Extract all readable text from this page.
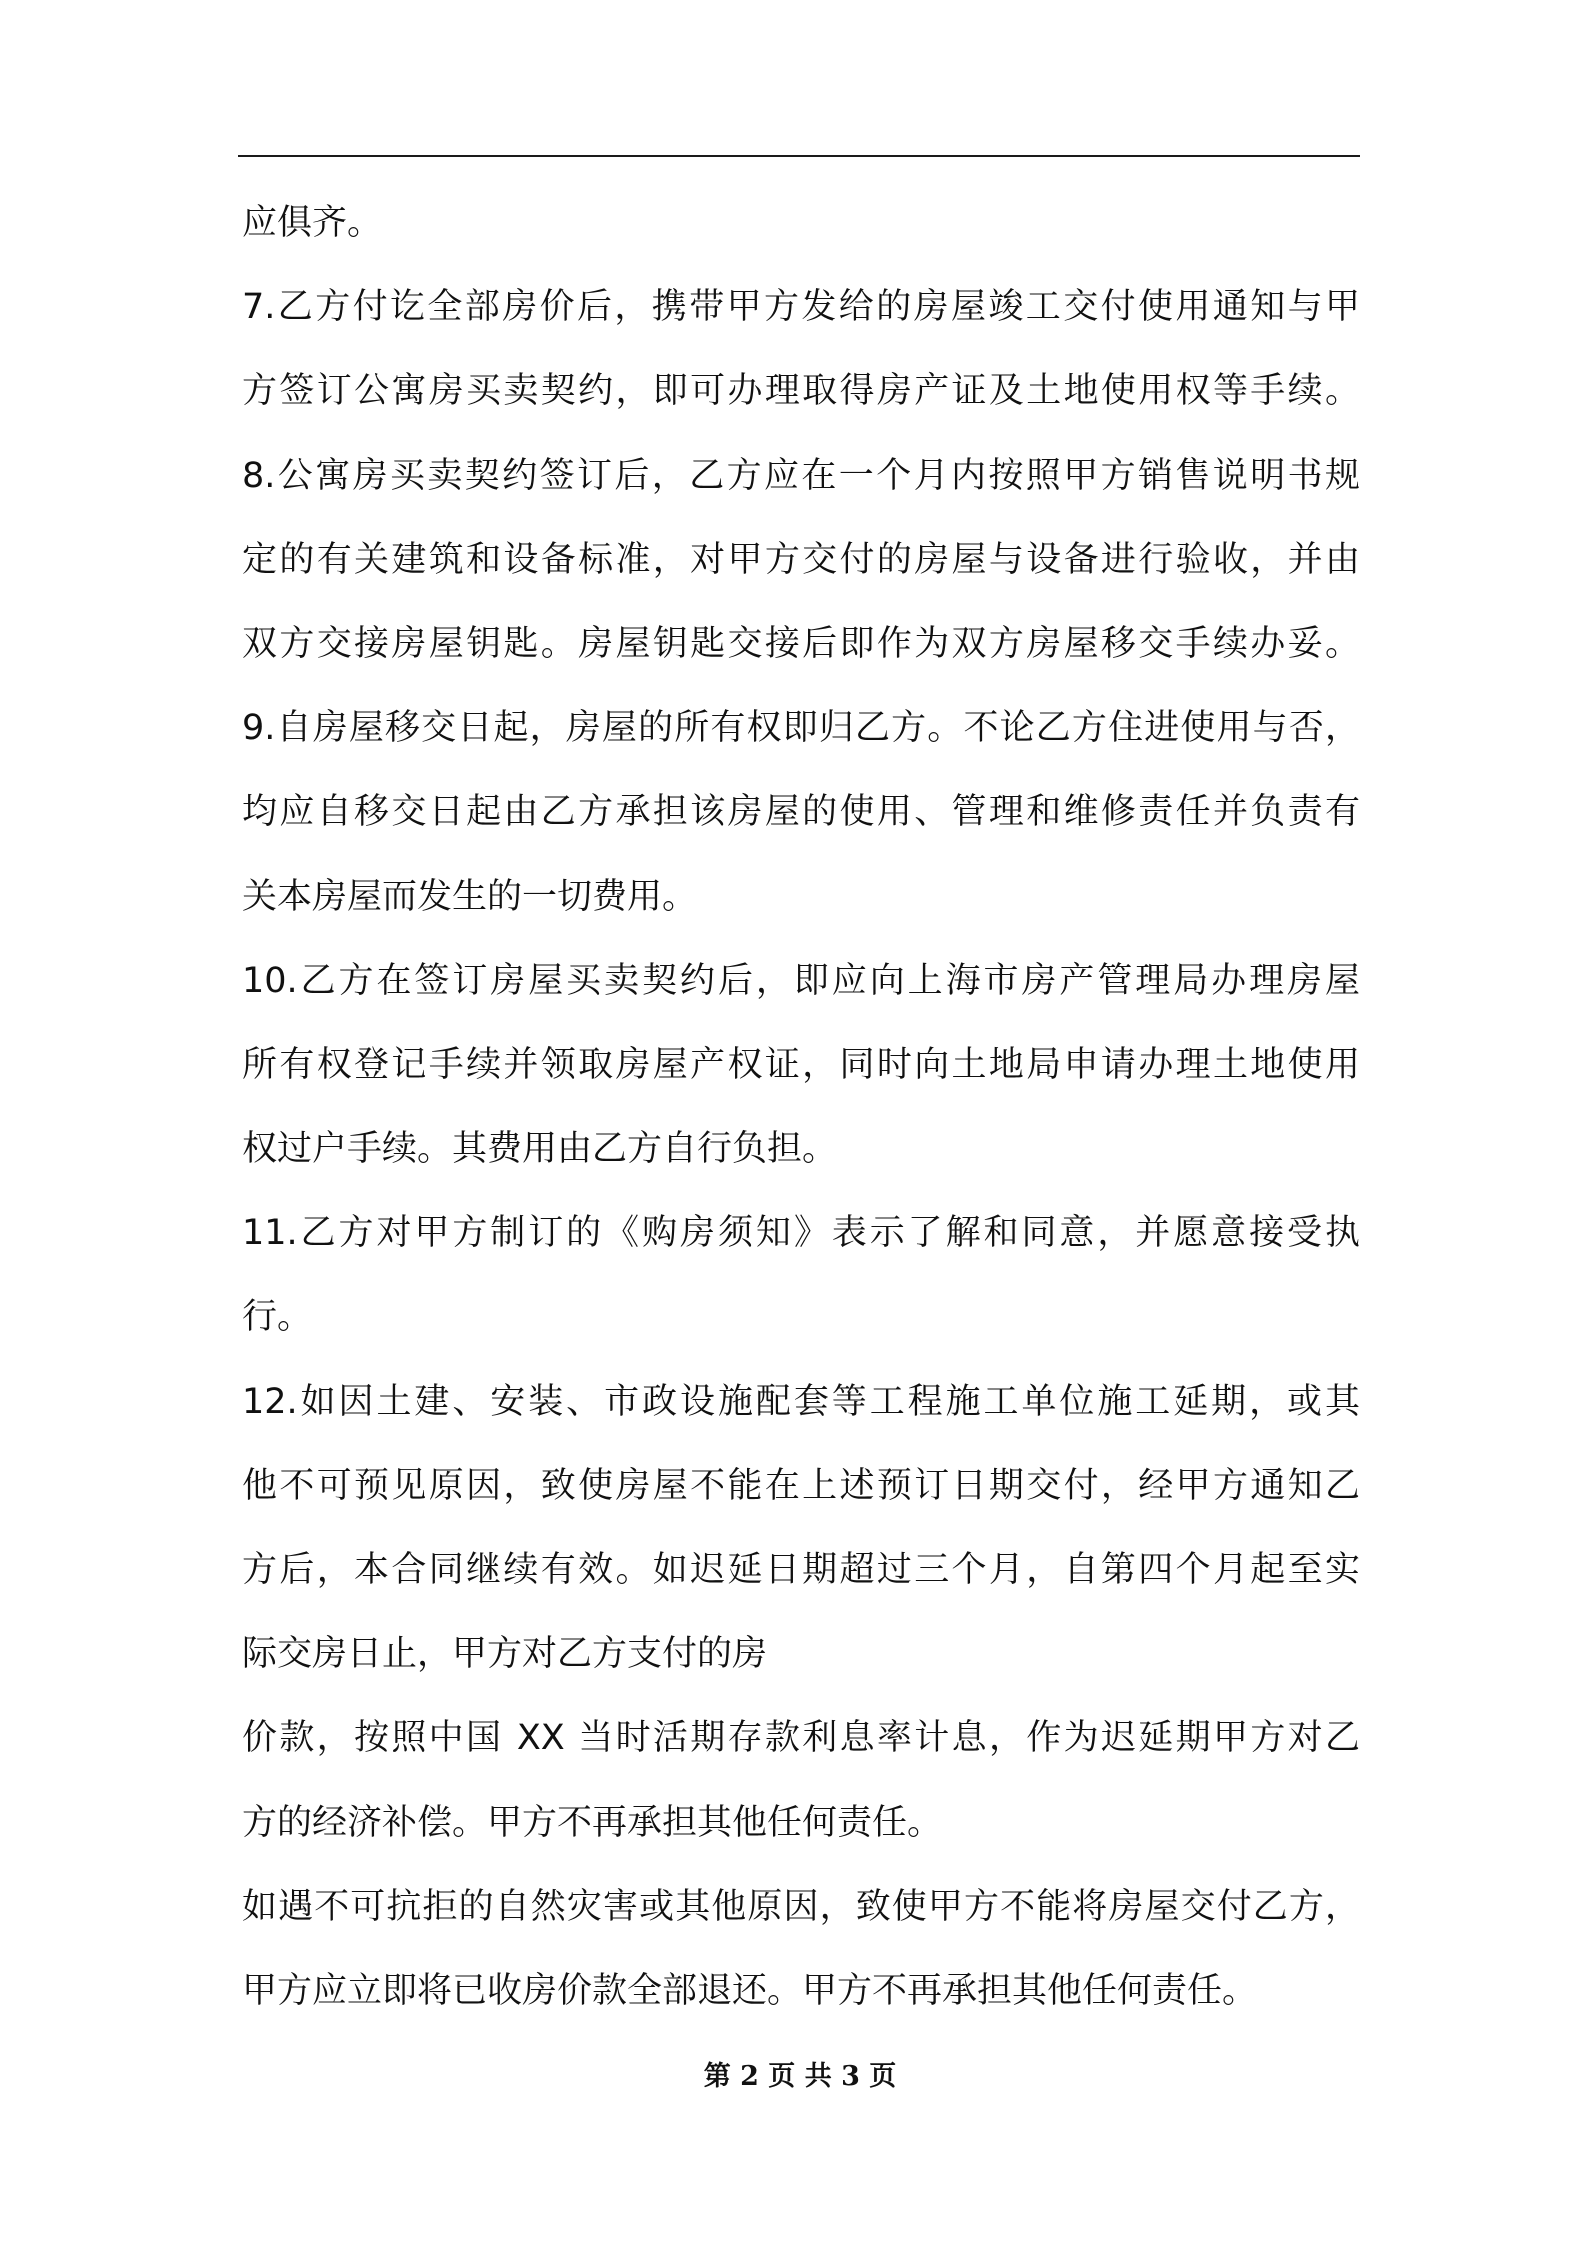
应俱齐。
7.乙方付讫全部房价后，携带甲方发给的房屋竣工交付使用通知与甲
方签订公寓房买卖契约，即可办理取得房产证及土地使用权等手续。
8.公寓房买卖契约签订后，乙方应在一个月内按照甲方销售说明书规
定的有关建筑和设备标准，对甲方交付的房屋与设备进行验收，并由
双方交接房屋钥匙。房屋钥匙交接后即作为双方房屋移交手续办妥。
9.自房屋移交日起，房屋的所有权即归乙方。不论乙方住进使用与否，
均应自移交日起由乙方承担该房屋的使用、管理和维修责任并负责有
关本房屋而发生的一切费用。
10.乙方在签订房屋买卖契约后，即应向上海市房产管理局办理房屋
所有权登记手续并领取房屋产权证，同时向土地局申请办理土地使用
权过户手续。其费用由乙方自行负担。
11.乙方对甲方制订的《购房须知》表示了解和同意，并愿意接受执
行。
12.如因土建、安装、市政设施配套等工程施工单位施工延期，或其
他不可预见原因，致使房屋不能在上述预订日期交付，经甲方通知乙
方后，本合同继续有效。如迟延日期超过三个月，自第四个月起至实
际交房日止，甲方对乙方支付的房
价款，按照中国 XX 当时活期存款利息率计息，作为迟延期甲方对乙
方的经济补偿。甲方不再承担其他任何责任。
如遇不可抗拒的自然灾害或其他原因，致使甲方不能将房屋交付乙方，
甲方应立即将已收房价款全部退还。甲方不再承担其他任何责任。
第 2 页 共 3 页
